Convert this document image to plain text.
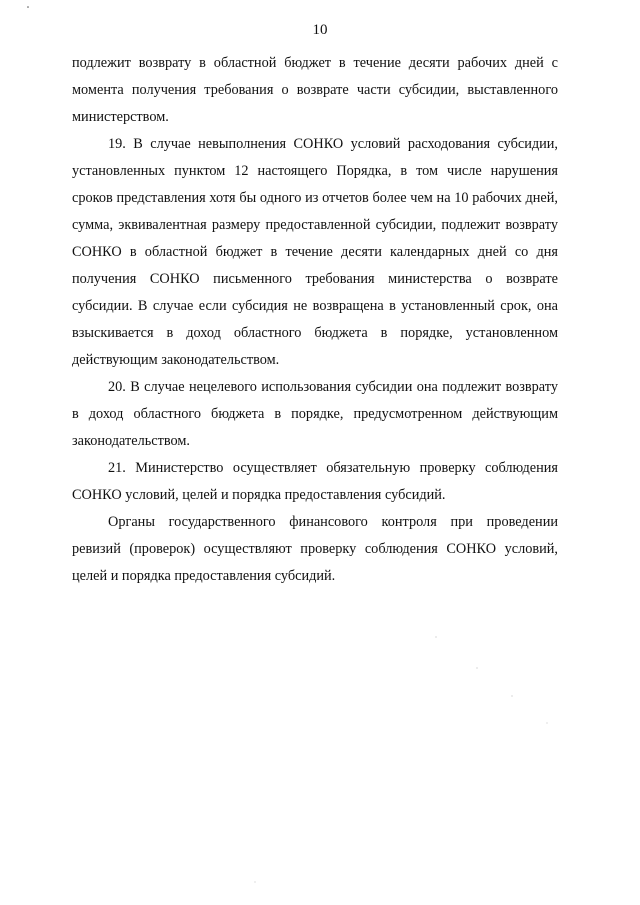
10

подлежит возврату в областной бюджет в течение десяти рабочих дней с момента получения требования о возврате части субсидии, выставленного министерством.

19. В случае невыполнения СОНКО условий расходования субсидии, установленных пунктом 12 настоящего Порядка, в том числе нарушения сроков представления хотя бы одного из отчетов более чем на 10 рабочих дней, сумма, эквивалентная размеру предоставленной субсидии, подлежит возврату СОНКО в областной бюджет в течение десяти календарных дней со дня получения СОНКО письменного требования министерства о возврате субсидии. В случае если субсидия не возвращена в установленный срок, она взыскивается в доход областного бюджета в порядке, установленном действующим законодательством.

20. В случае нецелевого использования субсидии она подлежит возврату в доход областного бюджета в порядке, предусмотренном действующим законодательством.

21. Министерство осуществляет обязательную проверку соблюдения СОНКО условий, целей и порядка предоставления субсидий.

Органы государственного финансового контроля при проведении ревизий (проверок) осуществляют проверку соблюдения СОНКО условий, целей и порядка предоставления субсидий.
